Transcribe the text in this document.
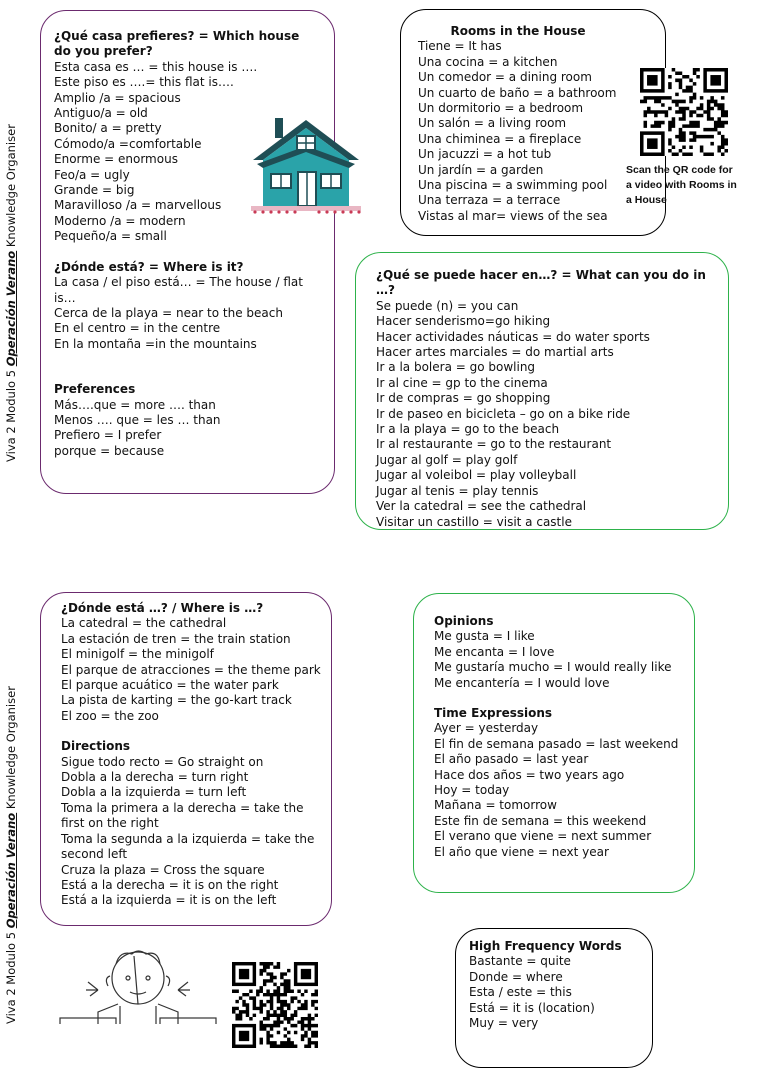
Viva 2 Modulo 5 Operación Verano Knowledge Organiser
Viva 2 Modulo 5 Operación Verano Knowledge Organiser
¿Qué casa prefieres? = Which house do you prefer?
Esta casa es … = this house is ….
Este piso es ….= this flat is….
Amplio /a = spacious
Antiguo/a = old
Bonito/ a = pretty
Cómodo/a =comfortable
Enorme = enormous
Feo/a = ugly
Grande = big
Maravilloso /a = marvellous
Moderno /a = modern
Pequeño/a = small
¿Dónde está? = Where is it?
La casa / el piso está… = The house / flat is…
Cerca de la playa = near to the beach
En el centro = in the centre
En la montaña =in the mountains
Preferences
Más….que = more …. than
Menos …. que = les … than
Prefiero = I prefer
porque = because
Rooms in the House
Tiene = It has
Una cocina = a kitchen
Un comedor = a dining room
Un cuarto de baño = a bathroom
Un dormitorio = a bedroom
Un salón = a living room
Una chiminea = a fireplace
Un jacuzzi = a hot tub
Un jardín = a garden
Una piscina = a swimming pool
Una terraza = a terrace
Vistas al mar= views of the sea
Scan the QR code for
a video with Rooms in
a House
¿Qué se puede hacer en…? = What can you do in …?
Se puede (n) = you can
Hacer senderismo=go hiking
Hacer actividades náuticas = do water sports
Hacer artes marciales = do martial arts
Ir a la bolera = go bowling
Ir al cine = gp to the cinema
Ir de compras = go shopping
Ir de paseo en bicicleta – go on a bike ride
Ir a la playa = go to the beach
Ir al restaurante = go to the restaurant
Jugar al golf = play golf
Jugar al voleibol = play volleyball
Jugar al tenis = play tennis
Ver la catedral = see the cathedral
Visitar un castillo = visit a castle
¿Dónde está …? / Where is …?
La catedral = the cathedral
La estación de tren = the train station
El minigolf = the minigolf
El parque de atracciones = the theme park
El parque acuático = the water park
La pista de karting = the go-kart track
El zoo = the zoo
Directions
Sigue todo recto = Go straight on
Dobla a la derecha = turn right
Dobla a la izquierda = turn left
Toma la primera a la derecha = take the first on the right
Toma la segunda a la izquierda = take the second left
Cruza la plaza = Cross the square
Está a la derecha = it is on the right
Está a la izquierda = it is on the left
Opinions
Me gusta = I like
Me encanta = I love
Me gustaría mucho = I would really like
Me encantería = I would love
Time Expressions
Ayer = yesterday
El fin de semana pasado = last weekend
El año pasado = last year
Hace dos años = two years ago
Hoy = today
Mañana = tomorrow
Este fin de semana = this weekend
El verano que viene = next summer
El año que viene = next year
High Frequency Words
Bastante = quite
Donde = where
Esta / este = this
Está = it is (location)
Muy = very
